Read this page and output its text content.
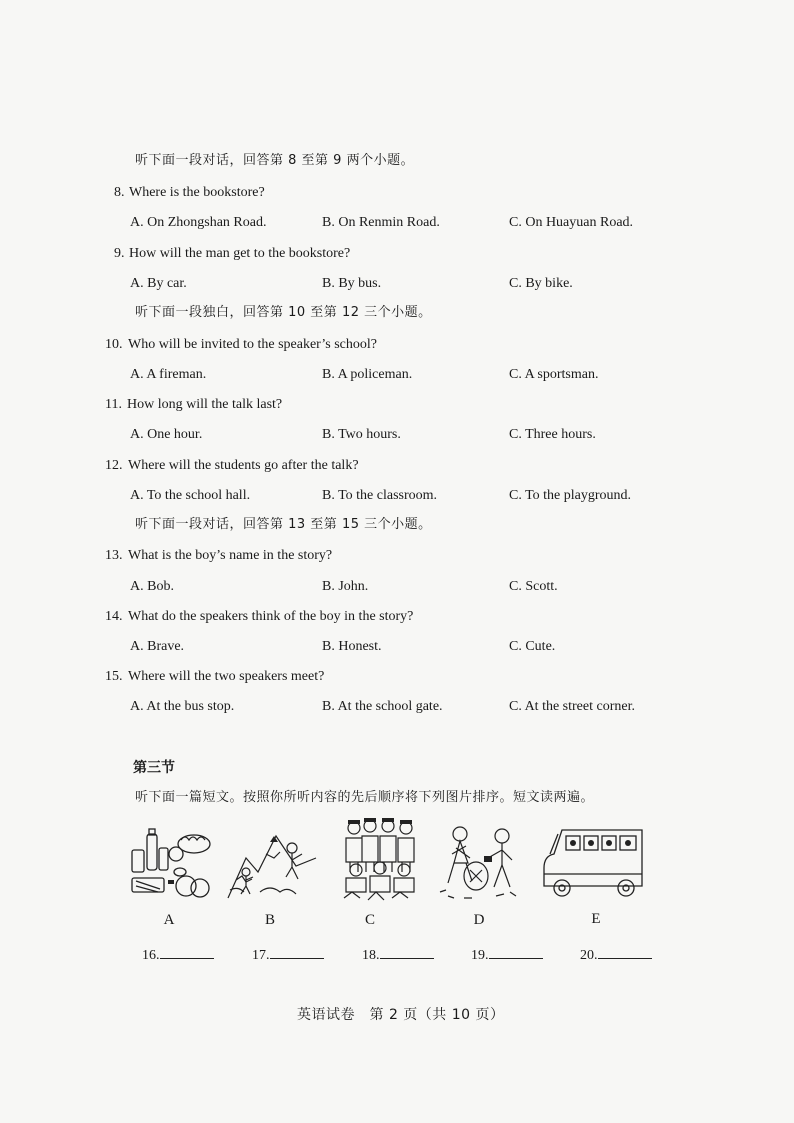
听下面一段对话，回答第 8 至第 9 两个小题。
8. Where is the bookstore?
A. On Zhongshan Road.	B. On Renmin Road.	C. On Huayuan Road.
9. How will the man get to the bookstore?
A. By car.	B. By bus.	C. By bike.
听下面一段独白，回答第 10 至第 12 三个小题。
10. Who will be invited to the speaker’s school?
A. A fireman.	B. A policeman.	C. A sportsman.
11. How long will the talk last?
A. One hour.	B. Two hours.	C. Three hours.
12. Where will the students go after the talk?
A. To the school hall.	B. To the classroom.	C. To the playground.
听下面一段对话，回答第 13 至第 15 三个小题。
13. What is the boy’s name in the story?
A. Bob.	B. John.	C. Scott.
14. What do the speakers think of the boy in the story?
A. Brave.	B. Honest.	C. Cute.
15. Where will the two speakers meet?
A. At the bus stop.	B. At the school gate.	C. At the street corner.
第三节
听下面一篇短文。按照你所听内容的先后顺序将下列图片排序。短文读两遍。
A	B	C	D	E
16.	17.	18.	19.	20.
英语试卷　第 2 页（共 10 页）
